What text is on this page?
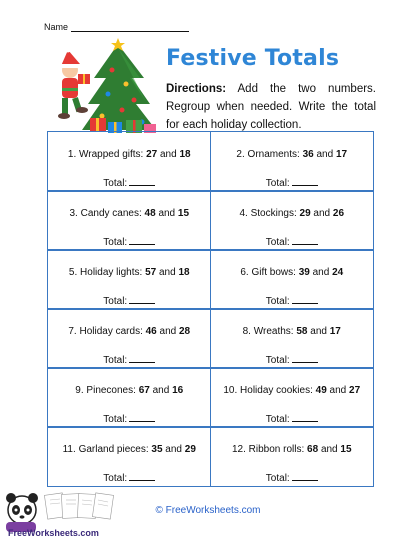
Name
Festive Totals
Directions: Add the two numbers. Regroup when needed. Write the total for each holiday collection.
1. Wrapped gifts: 27 and 18
Total:
2. Ornaments: 36 and 17
Total:
3. Candy canes: 48 and 15
Total:
4. Stockings: 29 and 26
Total:
5. Holiday lights: 57 and 18
Total:
6. Gift bows: 39 and 24
Total:
7. Holiday cards: 46 and 28
Total:
8. Wreaths: 58 and 17
Total:
9. Pinecones: 67 and 16
Total:
10. Holiday cookies: 49 and 27
Total:
11. Garland pieces: 35 and 29
Total:
12. Ribbon rolls: 68 and 15
Total:
FreeWorksheets.com
© FreeWorksheets.com
